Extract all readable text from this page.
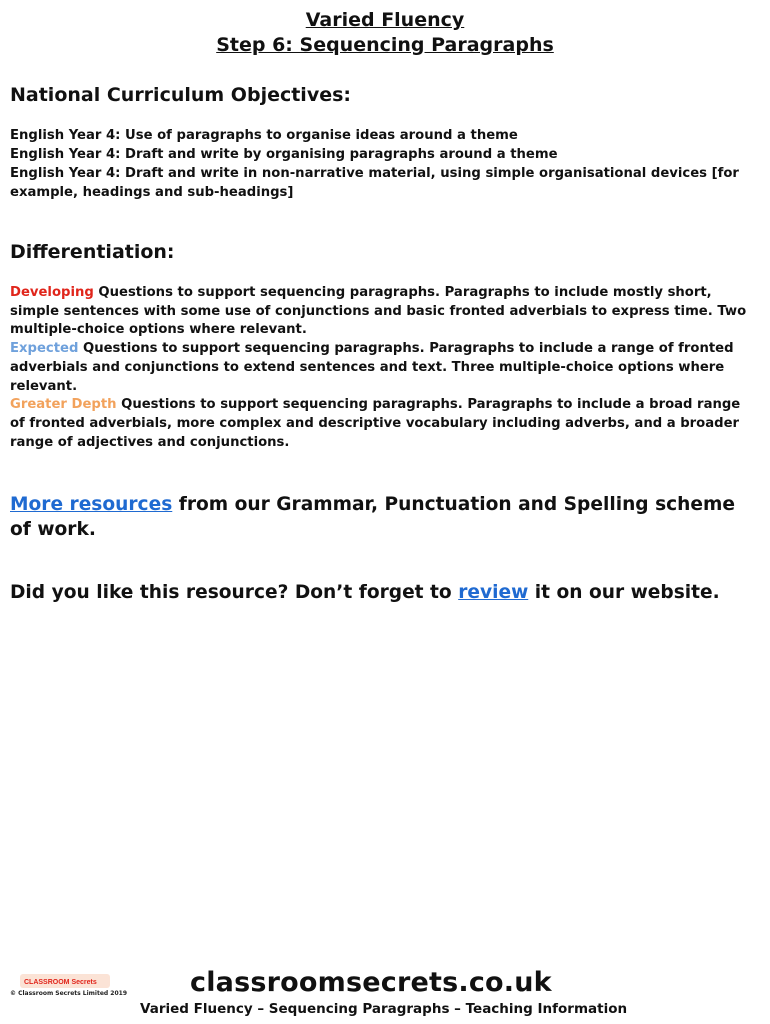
Varied Fluency
Step 6: Sequencing Paragraphs
National Curriculum Objectives:
English Year 4: Use of paragraphs to organise ideas around a theme
English Year 4: Draft and write by organising paragraphs around a theme
English Year 4: Draft and write in non-narrative material, using simple organisational devices [for example, headings and sub-headings]
Differentiation:
Developing Questions to support sequencing paragraphs. Paragraphs to include mostly short, simple sentences with some use of conjunctions and basic fronted adverbials to express time. Two multiple-choice options where relevant.
Expected Questions to support sequencing paragraphs. Paragraphs to include a range of fronted adverbials and conjunctions to extend sentences and text. Three multiple-choice options where relevant.
Greater Depth Questions to support sequencing paragraphs. Paragraphs to include a broad range of fronted adverbials, more complex and descriptive vocabulary including adverbs, and a broader range of adjectives and conjunctions.
More resources from our Grammar, Punctuation and Spelling scheme of work.
Did you like this resource? Don’t forget to review it on our website.
CLASSROOM Secrets
© Classroom Secrets Limited 2019 classroomsecrets.co.uk
Varied Fluency – Sequencing Paragraphs – Teaching Information
